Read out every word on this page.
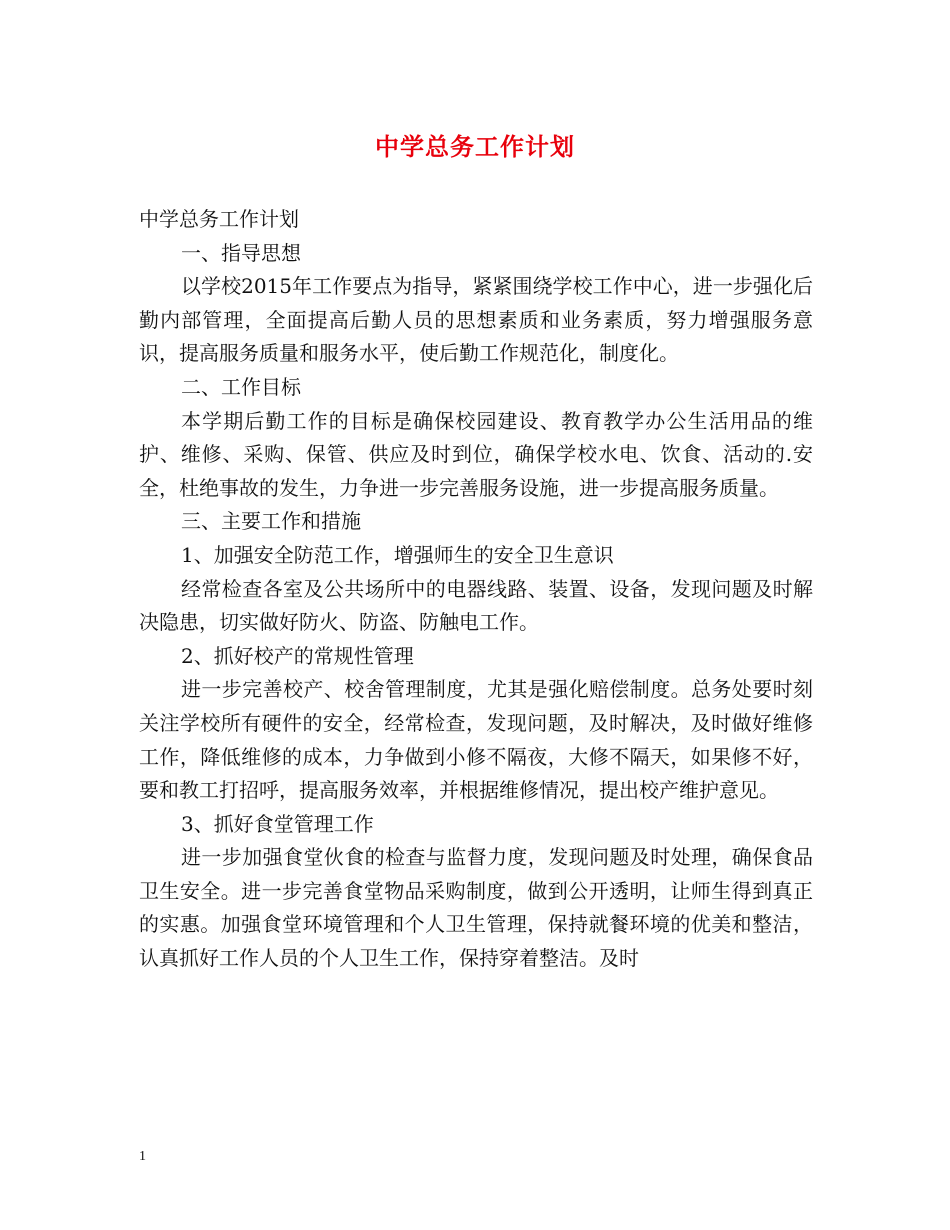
中学总务工作计划

中学总务工作计划

一、指导思想

以学校2015年工作要点为指导，紧紧围绕学校工作中心，进一步强化后勤内部管理，全面提高后勤人员的思想素质和业务素质，努力增强服务意识，提高服务质量和服务水平，使后勤工作规范化，制度化。

二、工作目标

本学期后勤工作的目标是确保校园建设、教育教学办公生活用品的维护、维修、采购、保管、供应及时到位，确保学校水电、饮食、活动的.安全，杜绝事故的发生，力争进一步完善服务设施，进一步提高服务质量。

三、主要工作和措施

1、加强安全防范工作，增强师生的安全卫生意识

经常检查各室及公共场所中的电器线路、装置、设备，发现问题及时解决隐患，切实做好防火、防盗、防触电工作。

2、抓好校产的常规性管理

进一步完善校产、校舍管理制度，尤其是强化赔偿制度。总务处要时刻关注学校所有硬件的安全，经常检查，发现问题，及时解决，及时做好维修工作，降低维修的成本，力争做到小修不隔夜，大修不隔天，如果修不好，要和教工打招呼，提高服务效率，并根据维修情况，提出校产维护意见。

3、抓好食堂管理工作

进一步加强食堂伙食的检查与监督力度，发现问题及时处理，确保食品卫生安全。进一步完善食堂物品采购制度，做到公开透明，让师生得到真正的实惠。加强食堂环境管理和个人卫生管理，保持就餐环境的优美和整洁，认真抓好工作人员的个人卫生工作，保持穿着整洁。及时

1
